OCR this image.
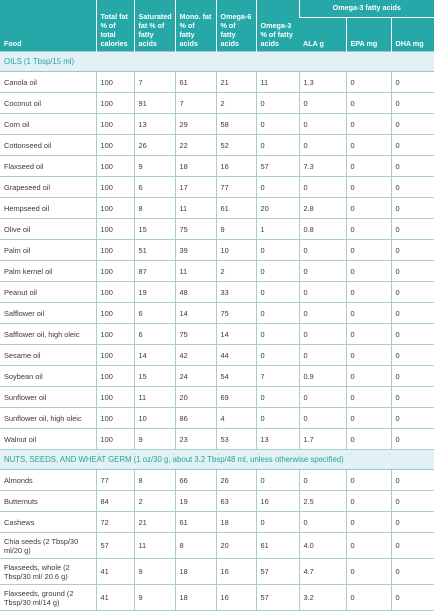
Food	Total fat % of total calories	Saturated fat % of fatty acids	Mono. fat % of fatty acids	Omega-6 % of fatty acids	Omega-3 % of fatty acids	Omega-3 fatty acids		
						ALA g	EPA mg	DHA mg
OILS (1 Tbsp/15 ml)								
Canola oil	100	7	61	21	11	1.3	0	0
Coconut oil	100	91	7	2	0	0	0	0
Corn oil	100	13	29	58	0	0	0	0
Cottonseed oil	100	26	22	52	0	0	0	0
Flaxseed oil	100	9	18	16	57	7.3	0	0
Grapeseed oil	100	6	17	77	0	0	0	0
Hempseed oil	100	8	11	61	20	2.8	0	0
Olive oil	100	15	75	9	1	0.8	0	0
Palm oil	100	51	39	10	0	0	0	0
Palm kernel oil	100	87	11	2	0	0	0	0
Peanut oil	100	19	48	33	0	0	0	0
Safflower oil	100	6	14	75	0	0	0	0
Safflower oil, high oleic	100	6	75	14	0	0	0	0
Sesame oil	100	14	42	44	0	0	0	0
Soybean oil	100	15	24	54	7	0.9	0	0
Sunflower oil	100	11	20	69	0	0	0	0
Sunflower oil, high oleic	100	10	86	4	0	0	0	0
Walnut oil	100	9	23	53	13	1.7	0	0
NUTS, SEEDS, AND WHEAT GERM (1 oz/30 g, about 3.2 Tbsp/48 ml, unless otherwise specified)								
Almonds	77	8	66	26	0	0	0	0
Butternuts	84	2	19	63	16	2.5	0	0
Cashews	72	21	61	18	0	0	0	0
Chia seeds (2 Tbsp/30 ml/20 g)	57	11	8	20	61	4.0	0	0
Flaxseeds, whole (2 Tbsp/30 ml/ 20.6 g)	41	9	18	16	57	4.7	0	0
Flaxseeds, ground (2 Tbsp/30 ml/14 g)	41	9	18	16	57	3.2	0	0
